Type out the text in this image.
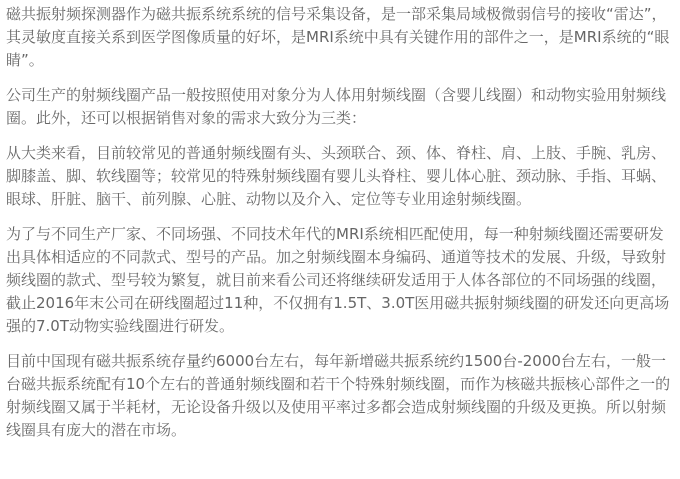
磁共振射频探测器作为磁共振系统系统的信号采集设备，是一部采集局域极微弱信号的接收“雷达”，其灵敏度直接关系到医学图像质量的好坏，是MRI系统中具有关键作用的部件之一，是MRI系统的“眼睛”。

公司生产的射频线圈产品一般按照使用对象分为人体用射频线圈（含婴儿线圈）和动物实验用射频线圈。此外，还可以根据销售对象的需求大致分为三类：

从大类来看，目前较常见的普通射频线圈有头、头颈联合、颈、体、脊柱、肩、上肢、手腕、乳房、脚膝盖、脚、软线圈等；较常见的特殊射频线圈有婴儿头脊柱、婴儿体心脏、颈动脉、手指、耳蜗、眼球、肝脏、脑干、前列腺、心脏、动物以及介入、定位等专业用途射频线圈。

为了与不同生产厂家、不同场强、不同技术年代的MRI系统相匹配使用，每一种射频线圈还需要研发出具体相适应的不同款式、型号的产品。加之射频线圈本身编码、通道等技术的发展、升级，导致射频线圈的款式、型号较为繁复，就目前来看公司还将继续研发适用于人体各部位的不同场强的线圈，截止2016年末公司在研线圈超过11种，不仅拥有1.5T、3.0T医用磁共振射频线圈的研发还向更高场强的7.0T动物实验线圈进行研发。

目前中国现有磁共振系统存量约6000台左右，每年新增磁共振系统约1500台-2000台左右，一般一台磁共振系统配有10个左右的普通射频线圈和若干个特殊射频线圈，而作为核磁共振核心部件之一的射频线圈又属于半耗材，无论设备升级以及使用平率过多都会造成射频线圈的升级及更换。所以射频线圈具有庞大的潜在市场。
